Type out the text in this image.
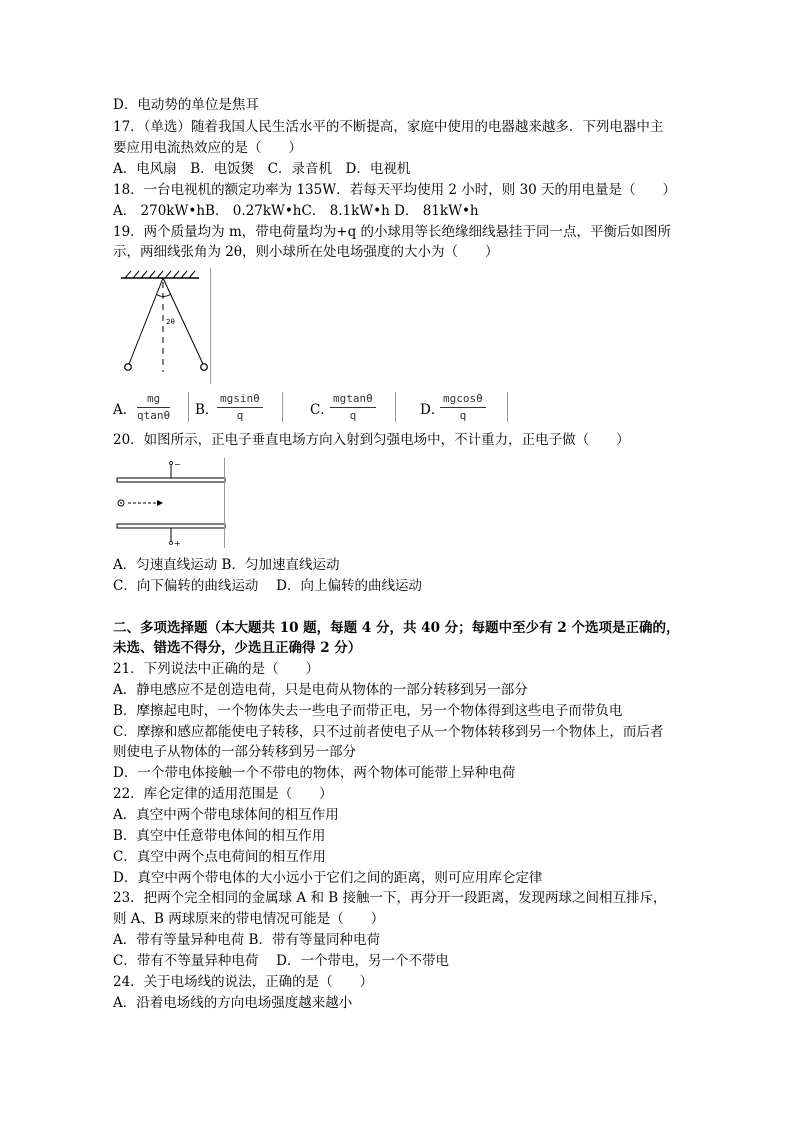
D．电动势的单位是焦耳
17．（单选）随着我国人民生活水平的不断提高，家庭中使用的电器越来越多．下列电器中主
要应用电流热效应的是（　　）
A．电风扇　B．电饭煲　C．录音机　D．电视机
18．一台电视机的额定功率为 135W．若每天平均使用 2 小时，则 30 天的用电量是（　　）
A． 270kW•hB． 0.27kW•hC． 8.1kW•h D． 81kW•h
19．两个质量均为 m，带电荷量均为+q 的小球用等长绝缘细线悬挂于同一点，平衡后如图所
示，两细线张角为 2θ，则小球所在处电场强度的大小为（　　）
2θ
A． $\frac{mg}{qtan\theta}$ B．
$\frac{mgsin\theta}{q}$	C．
$\frac{mgtan\theta}{q}$	D．
$\frac{mgcos\theta}{q}$
20．如图所示，正电子垂直电场方向入射到匀强电场中，不计重力，正电子做（　　）
−
+
A．匀速直线运动 B．匀加速直线运动
C．向下偏转的曲线运动　 D．向上偏转的曲线运动
二、多项选择题（本大题共 10 题，每题 4 分，共 40 分；每题中至少有 2 个选项是正确的，
未选、错选不得分，少选且正确得 2 分）
21．下列说法中正确的是（　　）
A．静电感应不是创造电荷，只是电荷从物体的一部分转移到另一部分
B．摩擦起电时，一个物体失去一些电子而带正电，另一个物体得到这些电子而带负电
C．摩擦和感应都能使电子转移，只不过前者使电子从一个物体转移到另一个物体上，而后者
则使电子从物体的一部分转移到另一部分
D．一个带电体接触一个不带电的物体，两个物体可能带上异种电荷
22．库仑定律的适用范围是（　　）
A．真空中两个带电球体间的相互作用
B．真空中任意带电体间的相互作用
C．真空中两个点电荷间的相互作用
D．真空中两个带电体的大小远小于它们之间的距离，则可应用库仑定律
23．把两个完全相同的金属球 A 和 B 接触一下，再分开一段距离，发现两球之间相互排斥，
则 A、B 两球原来的带电情况可能是（　　）
A．带有等量异种电荷 B．带有等量同种电荷
C．带有不等量异种电荷　 D．一个带电，另一个不带电
24．关于电场线的说法，正确的是（　　）
A．沿着电场线的方向电场强度越来越小
